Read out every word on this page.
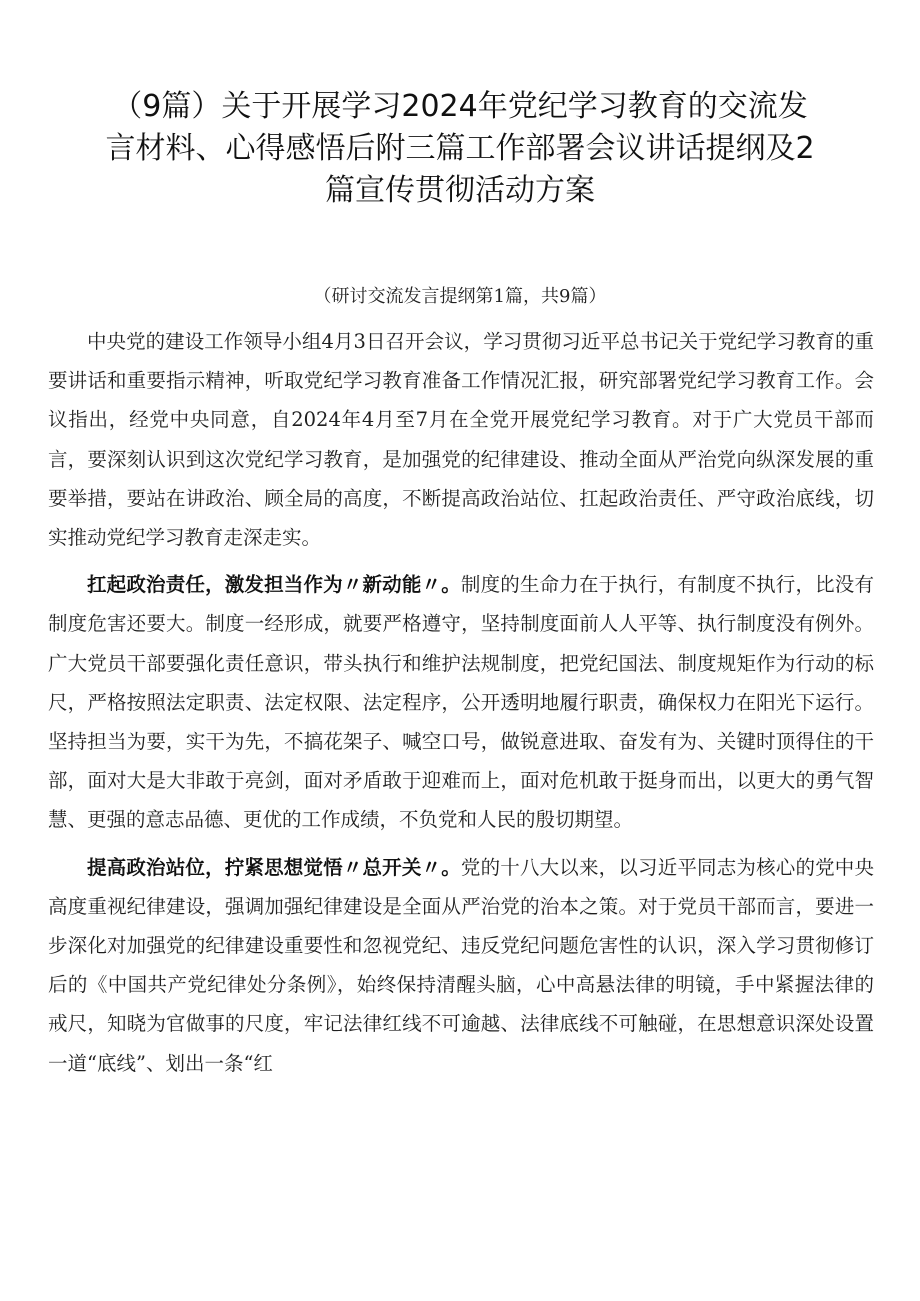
（9篇）关于开展学习2024年党纪学习教育的交流发言材料、心得感悟后附三篇工作部署会议讲话提纲及2篇宣传贯彻活动方案
（研讨交流发言提纲第1篇，共9篇）

中央党的建设工作领导小组4月3日召开会议，学习贯彻习近平总书记关于党纪学习教育的重要讲话和重要指示精神，听取党纪学习教育准备工作情况汇报，研究部署党纪学习教育工作。会议指出，经党中央同意，自2024年4月至7月在全党开展党纪学习教育。对于广大党员干部而言，要深刻认识到这次党纪学习教育，是加强党的纪律建设、推动全面从严治党向纵深发展的重要举措，要站在讲政治、顾全局的高度，不断提高政治站位、扛起政治责任、严守政治底线，切实推动党纪学习教育走深走实。

扛起政治责任，激发担当作为〃新动能〃。制度的生命力在于执行，有制度不执行，比没有制度危害还要大。制度一经形成，就要严格遵守，坚持制度面前人人平等、执行制度没有例外。广大党员干部要强化责任意识，带头执行和维护法规制度，把党纪国法、制度规矩作为行动的标尺，严格按照法定职责、法定权限、法定程序，公开透明地履行职责，确保权力在阳光下运行。坚持担当为要，实干为先，不搞花架子、喊空口号，做锐意进取、奋发有为、关键时顶得住的干部，面对大是大非敢于亮剑，面对矛盾敢于迎难而上，面对危机敢于挺身而出，以更大的勇气智慧、更强的意志品德、更优的工作成绩，不负党和人民的殷切期望。

提高政治站位，拧紧思想觉悟〃总开关〃。党的十八大以来，以习近平同志为核心的党中央高度重视纪律建设，强调加强纪律建设是全面从严治党的治本之策。对于党员干部而言，要进一步深化对加强党的纪律建设重要性和忽视党纪、违反党纪问题危害性的认识，深入学习贯彻修订后的《中国共产党纪律处分条例》，始终保持清醒头脑，心中高悬法律的明镜，手中紧握法律的戒尺，知晓为官做事的尺度，牢记法律红线不可逾越、法律底线不可触碰，在思想意识深处设置一道“底线”、划出一条“红
